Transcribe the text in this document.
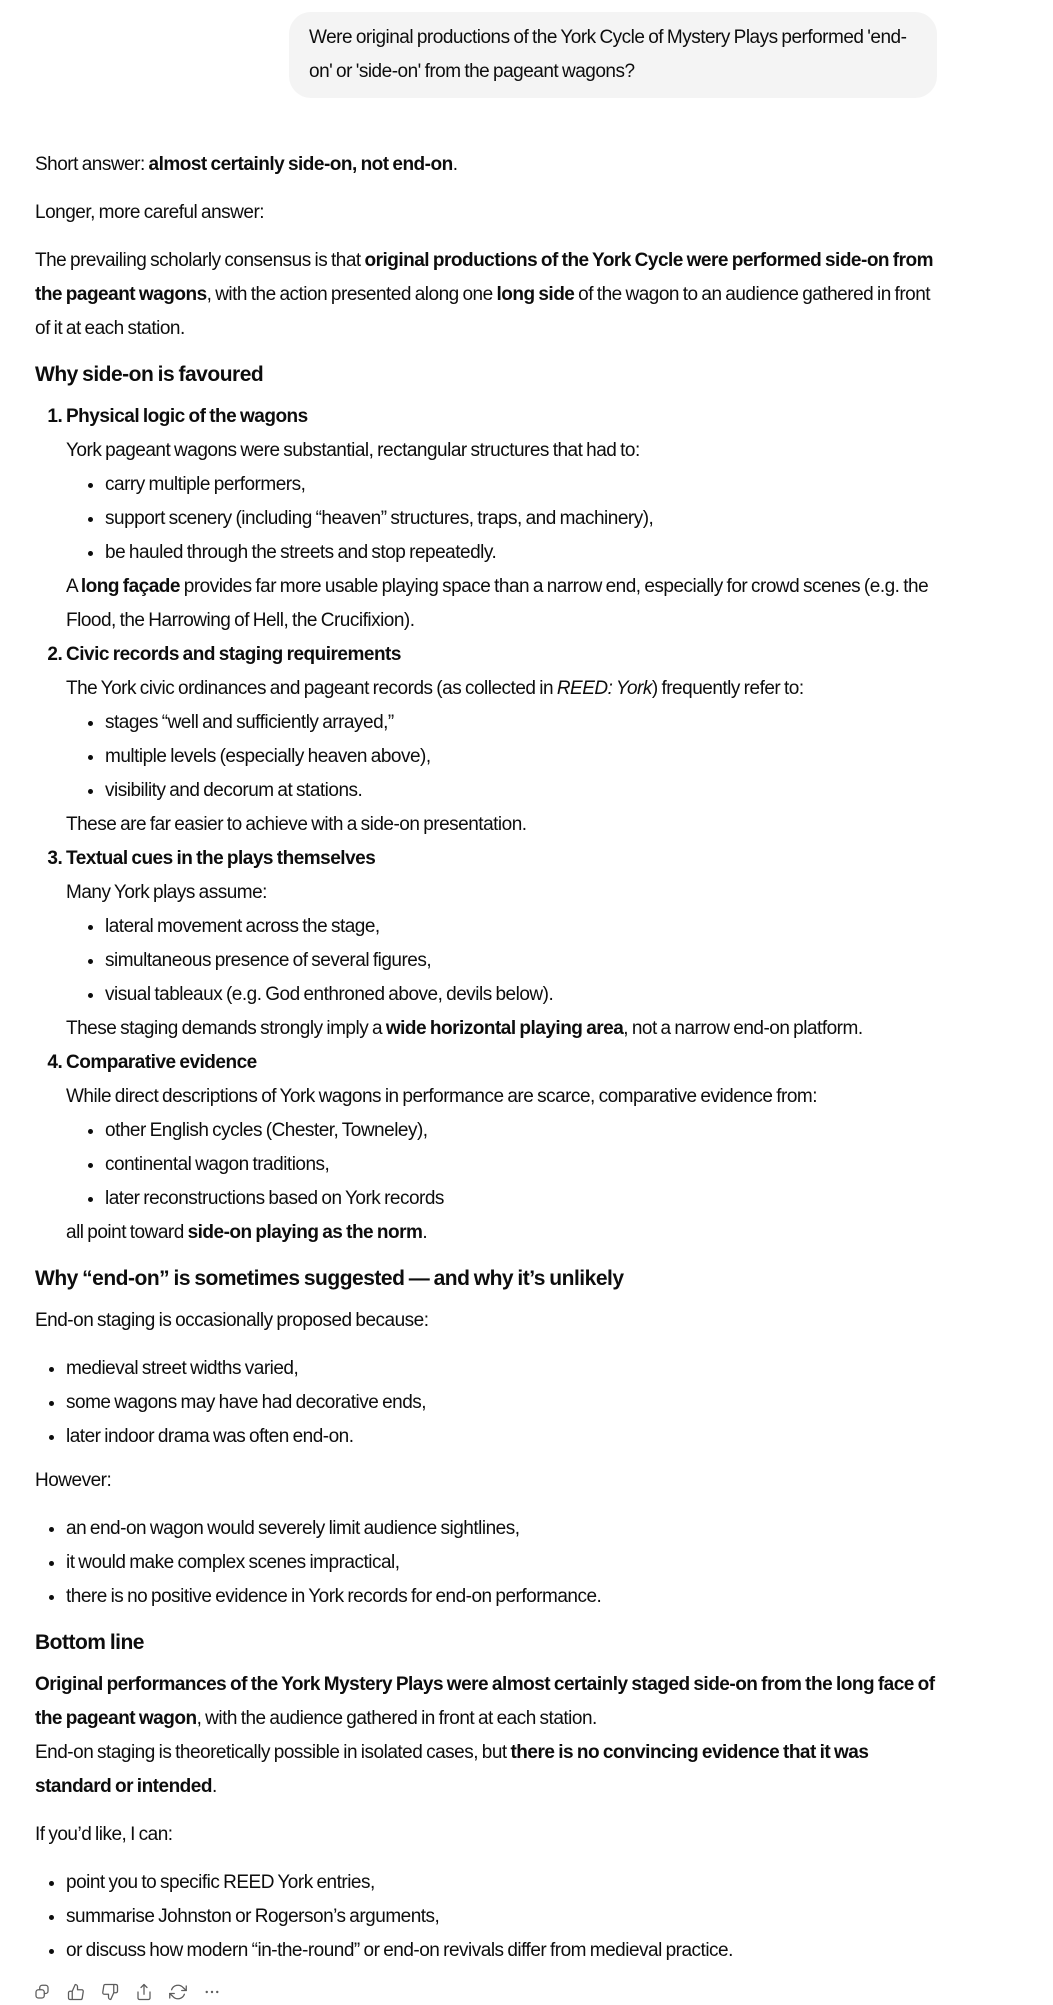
Were original productions of the York Cycle of Mystery Plays performed 'end-on' or 'side-on' from the pageant wagons?

Short answer: almost certainly side-on, not end-on.

Longer, more careful answer:

The prevailing scholarly consensus is that original productions of the York Cycle were performed side-on from the pageant wagons, with the action presented along one long side of the wagon to an audience gathered in front of it at each station.

Why side-on is favoured

1. Physical logic of the wagons

York pageant wagons were substantial, rectangular structures that had to:

• carry multiple performers,
• support scenery (including “heaven” structures, traps, and machinery),
• be hauled through the streets and stop repeatedly.

A long façade provides far more usable playing space than a narrow end, especially for crowd scenes (e.g. the Flood, the Harrowing of Hell, the Crucifixion).

2. Civic records and staging requirements

The York civic ordinances and pageant records (as collected in REED: York) frequently refer to:

• stages “well and sufficiently arrayed,”
• multiple levels (especially heaven above),
• visibility and decorum at stations.

These are far easier to achieve with a side-on presentation.

3. Textual cues in the plays themselves

Many York plays assume:

• lateral movement across the stage,
• simultaneous presence of several figures,
• visual tableaux (e.g. God enthroned above, devils below).

These staging demands strongly imply a wide horizontal playing area, not a narrow end-on platform.

4. Comparative evidence

While direct descriptions of York wagons in performance are scarce, comparative evidence from:

• other English cycles (Chester, Towneley),
• continental wagon traditions,
• later reconstructions based on York records

all point toward side-on playing as the norm.

Why “end-on” is sometimes suggested — and why it’s unlikely

End-on staging is occasionally proposed because:

• medieval street widths varied,
• some wagons may have had decorative ends,
• later indoor drama was often end-on.

However:

• an end-on wagon would severely limit audience sightlines,
• it would make complex scenes impractical,
• there is no positive evidence in York records for end-on performance.
Bottom line

Original performances of the York Mystery Plays were almost certainly staged side-on from the long face of the pageant wagon, with the audience gathered in front at each station.
End-on staging is theoretically possible in isolated cases, but there is no convincing evidence that it was standard or intended.

If you’d like, I can:

• point you to specific REED York entries,
• summarise Johnston or Rogerson’s arguments,
• or discuss how modern “in-the-round” or end-on revivals differ from medieval practice.
